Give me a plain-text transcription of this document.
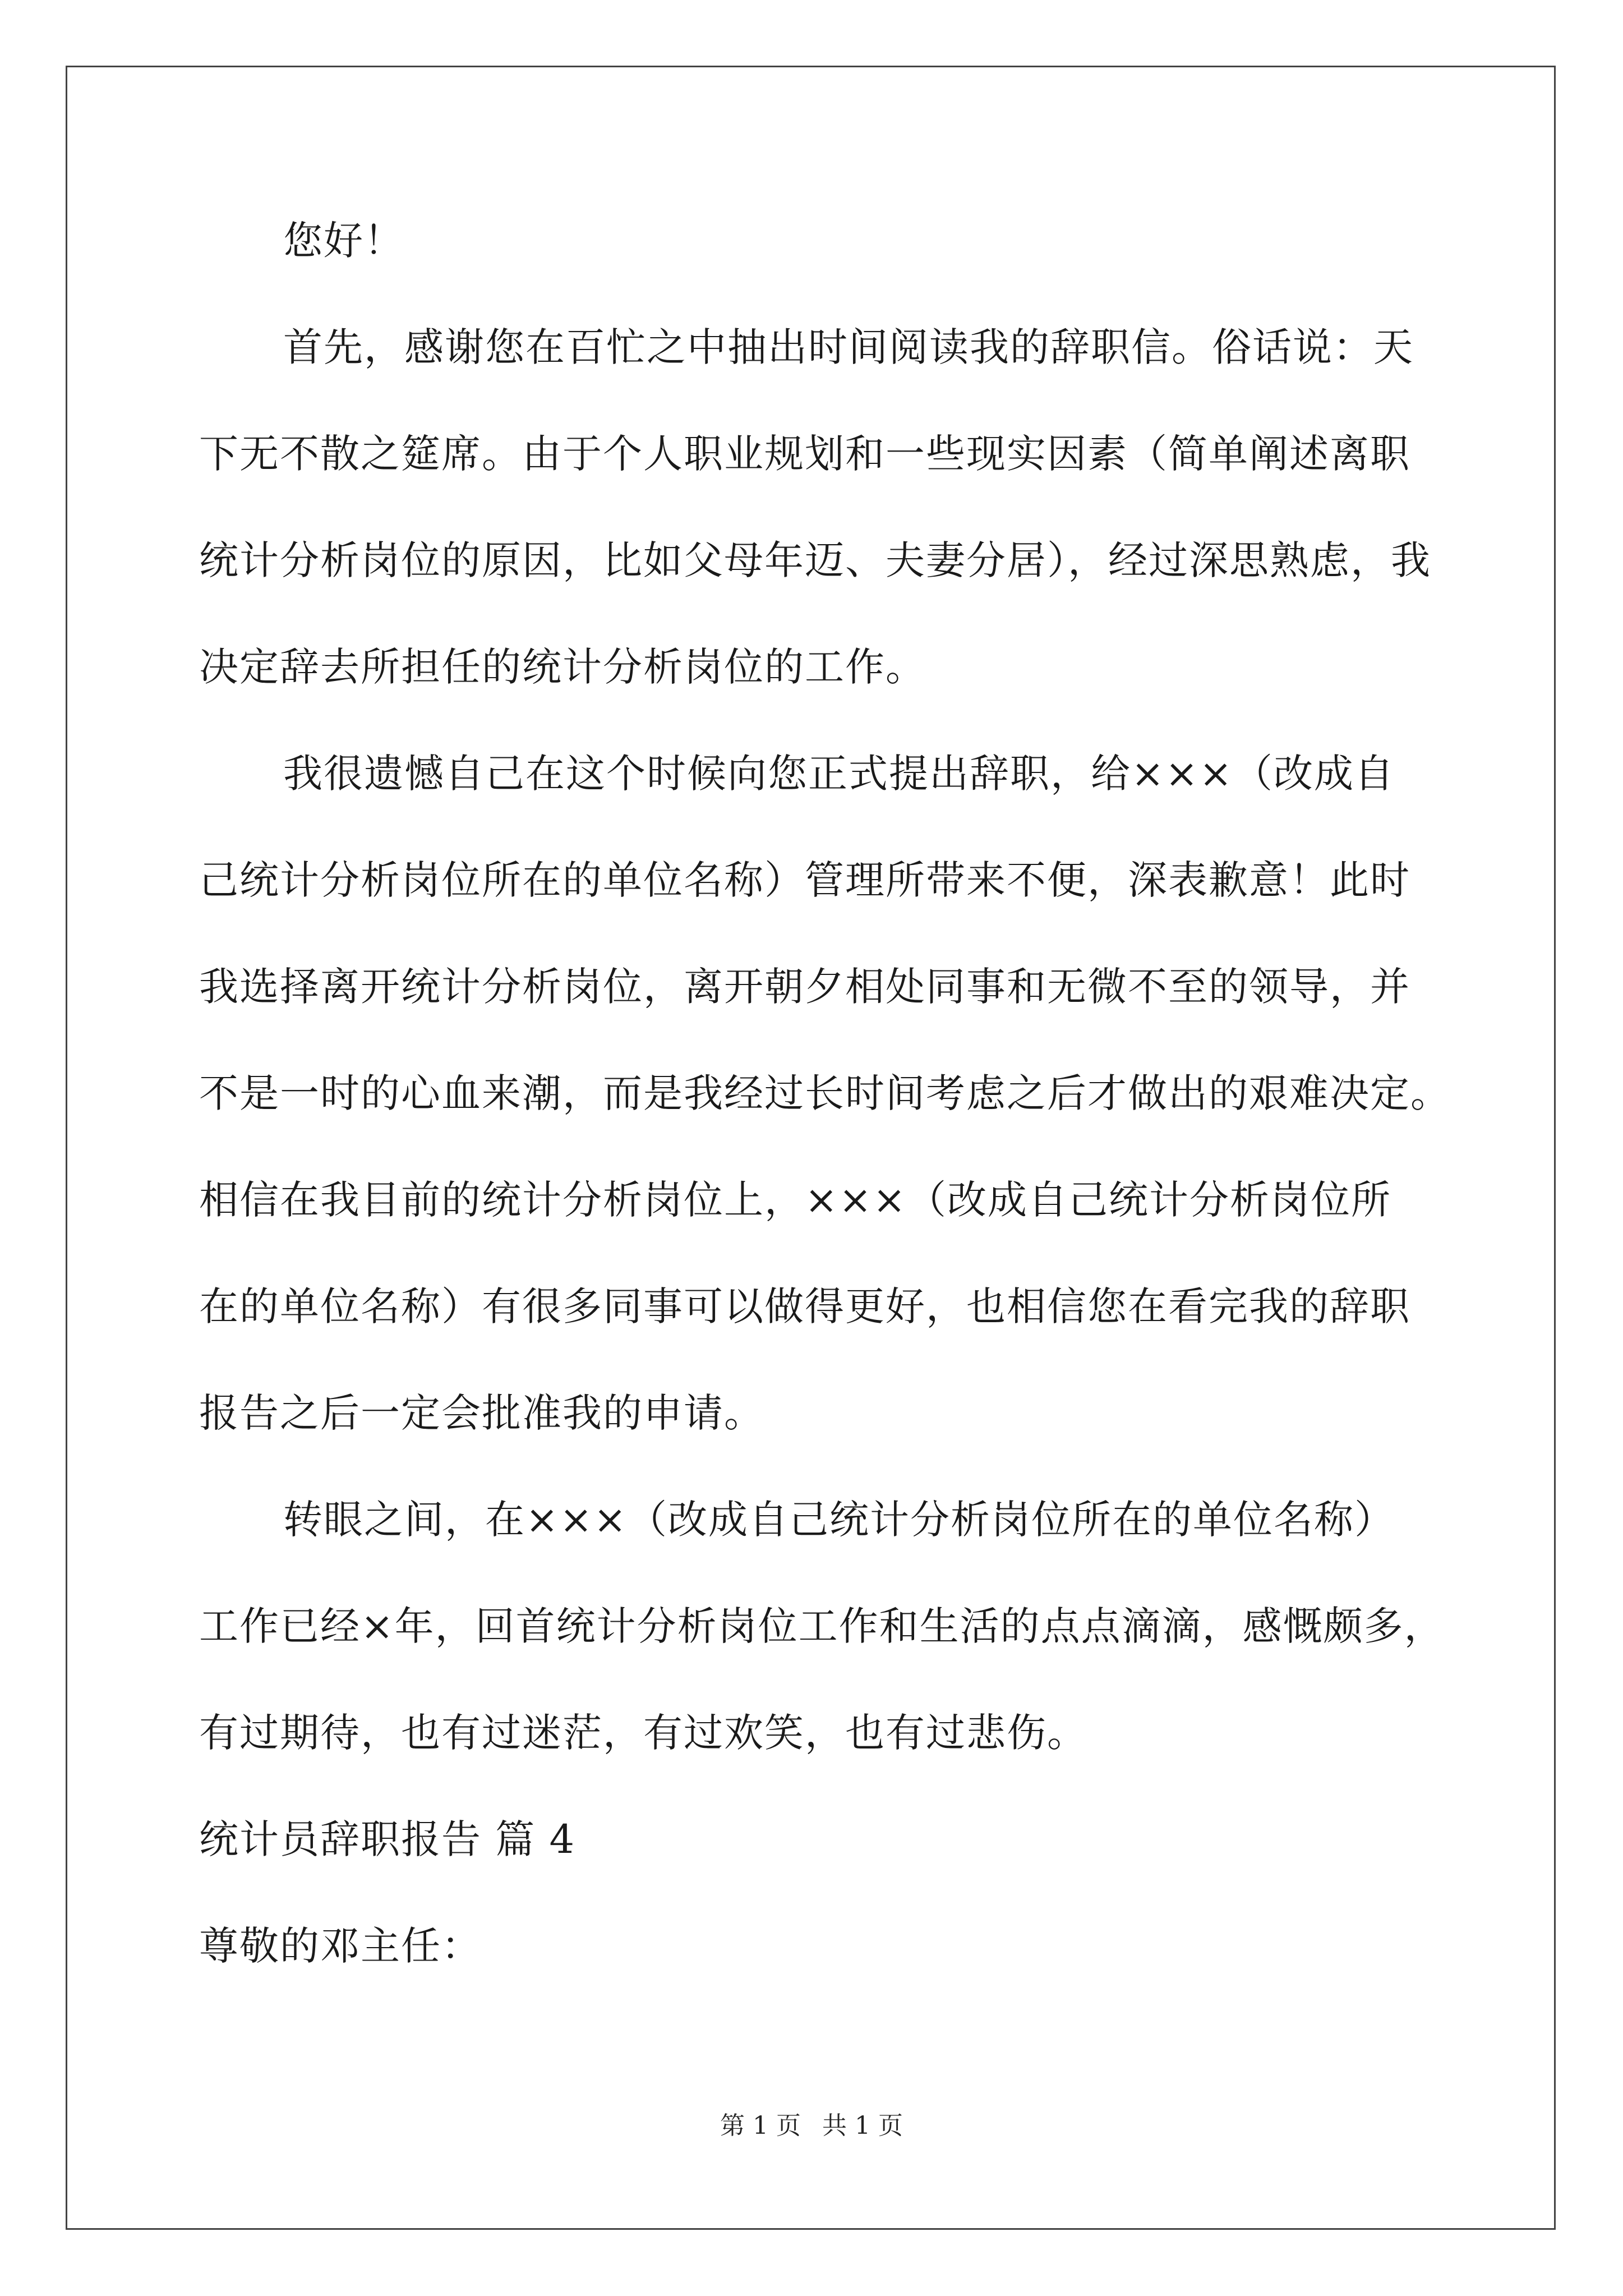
您好！
首先，感谢您在百忙之中抽出时间阅读我的辞职信。俗话说：天
下无不散之筵席。由于个人职业规划和一些现实因素（简单阐述离职
统计分析岗位的原因，比如父母年迈、夫妻分居），经过深思熟虑，我
决定辞去所担任的统计分析岗位的工作。
我很遗憾自己在这个时候向您正式提出辞职，给×××（改成自
己统计分析岗位所在的单位名称）管理所带来不便，深表歉意！此时
我选择离开统计分析岗位，离开朝夕相处同事和无微不至的领导，并
不是一时的心血来潮，而是我经过长时间考虑之后才做出的艰难决定。
相信在我目前的统计分析岗位上，×××（改成自己统计分析岗位所
在的单位名称）有很多同事可以做得更好，也相信您在看完我的辞职
报告之后一定会批准我的申请。
转眼之间，在×××（改成自己统计分析岗位所在的单位名称）
工作已经×年，回首统计分析岗位工作和生活的点点滴滴，感慨颇多，
有过期待，也有过迷茫，有过欢笑，也有过悲伤。
统计员辞职报告 篇 4
尊敬的邓主任：
第 1 页 共 1 页
